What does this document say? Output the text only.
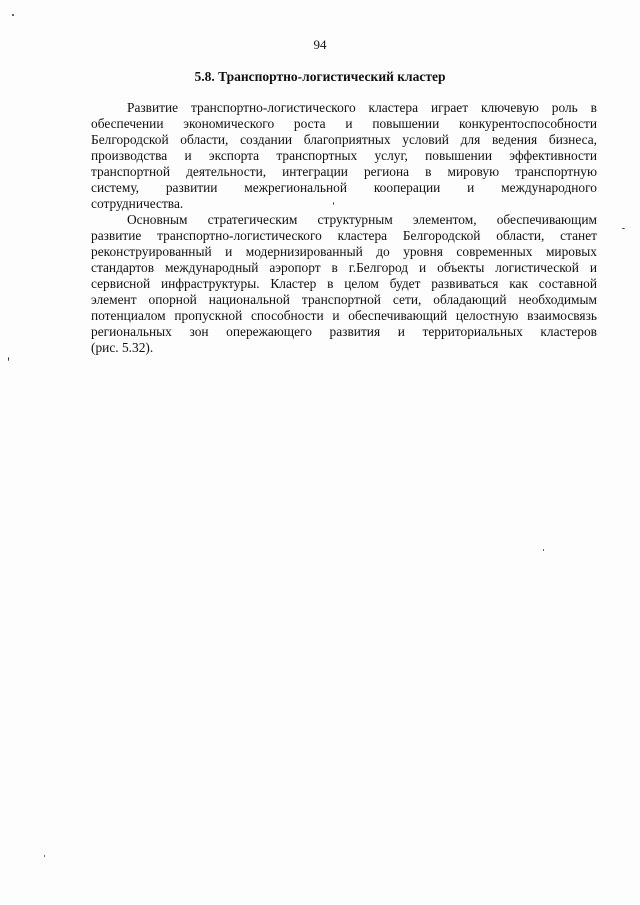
94
5.8. Транспортно-логистический кластер
Развитие транспортно-логистического кластера играет ключевую роль в
обеспечении экономического роста и повышении конкурентоспособности
Белгородской области, создании благоприятных условий для ведения бизнеса,
производства и экспорта транспортных услуг, повышении эффективности
транспортной деятельности, интеграции региона в мировую транспортную
систему, развитии межрегиональной кооперации и международного
сотрудничества.
Основным стратегическим структурным элементом, обеспечивающим
развитие транспортно-логистического кластера Белгородской области, станет
реконструированный и модернизированный до уровня современных мировых
стандартов международный аэропорт в г.Белгород и объекты логистической и
сервисной инфраструктуры. Кластер в целом будет развиваться как составной
элемент опорной национальной транспортной сети, обладающий необходимым
потенциалом пропускной способности и обеспечивающий целостную взаимосвязь
региональных зон опережающего развития и территориальных кластеров
(рис. 5.32).
